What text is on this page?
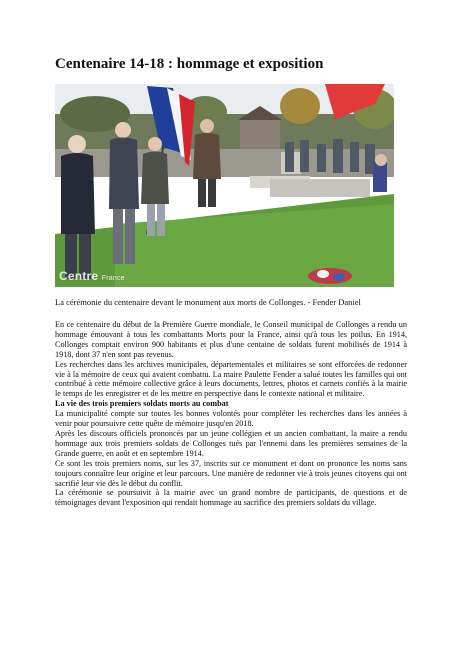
Centenaire 14-18 : hommage et exposition
Centre France
La cérémonie du centenaire devant le monument aux morts de Collonges. - Fender Daniel

En ce centenaire du début de la Première Guerre mondiale, le Conseil municipal de Collonges a rendu un hommage émouvant à tous les combattants Morts pour la France, ainsi qu'à tous les poilus. En 1914, Collonges comptait environ 900 habitants et plus d'une centaine de soldats furent mobilisés de 1914 à 1918, dont 37 n'en sont pas revenus.

Les recherches dans les archives municipales, départementales et militaires se sont efforcées de redonner vie à la mémoire de ceux qui avaient combattu. La maire Paulette Fender a salué toutes les familles qui ont contribué à cette mémoire collective grâce à leurs documents, lettres, photos et carnets confiés à la mairie le temps de les enregistrer et de les mettre en perspective dans le contexte national et militaire.

La vie des trois premiers soldats morts au combat

La municipalité compte sur toutes les bonnes volontés pour compléter les recherches dans les années à venir pour poursuivre cette quête de mémoire jusqu'en 2018.

Après les discours officiels prononcés par un jeune collégien et un ancien combattant, la maire a rendu hommage aux trois premiers soldats de Collonges tués par l'ennemi dans les premières semaines de la Grande guerre, en août et en septembre 1914.

Ce sont les trois premiers noms, sur les 37, inscrits sur ce monument et dont on prononce les noms sans toujours connaître leur origine et leur parcours. Une manière de redonner vie à trois jeunes citoyens qui ont sacrifié leur vie dès le début du conflit.

La cérémonie se poursuivit à la mairie avec un grand nombre de participants, de questions et de témoignages devant l'exposition qui rendait hommage au sacrifice des premiers soldats du village.
